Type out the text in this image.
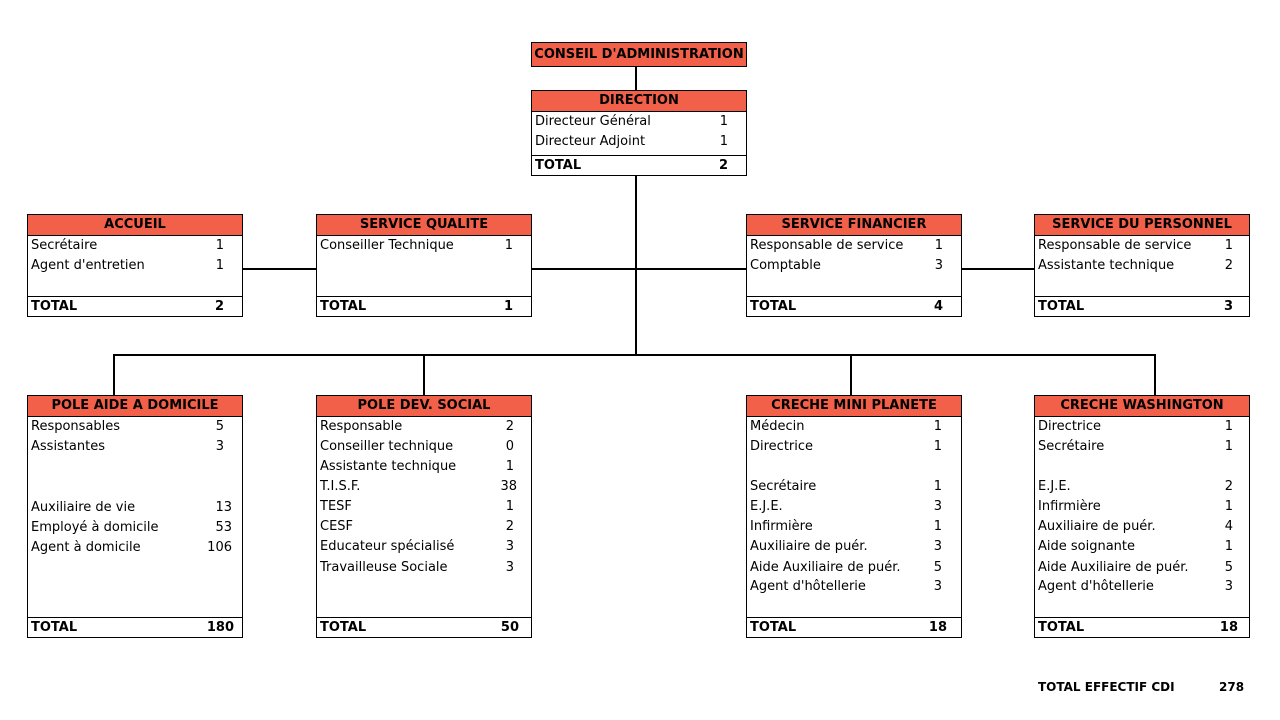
CONSEIL D'ADMINISTRATION
DIRECTION
Directeur Général	1
Directeur Adjoint	1
TOTAL	2
ACCUEIL
Secrétaire	1
Agent d'entretien	1
TOTAL	2
SERVICE QUALITE
Conseiller Technique	1
TOTAL	1
SERVICE FINANCIER
Responsable de service 1
Comptable	3
TOTAL	4
SERVICE DU PERSONNEL
Responsable de service	1
Assistante technique	2
TOTAL	3
POLE AIDE A DOMICILE
Responsables	5
Assistantes	3
Auxiliaire de vie	13
Employé à domicile	53
Agent à domicile	106
TOTAL	180
POLE DEV. SOCIAL
Responsable	2
Conseiller technique	0
Assistante technique	1
T.I.S.F.	38
TESF	1
CESF	2
Educateur spécialisé	3
Travailleuse Sociale	3
TOTAL	50
CRECHE MINI PLANETE
Médecin	1
Directrice	1
Secrétaire	1
E.J.E.	3
Infirmière	1
Auxiliaire de puér.	3
Aide Auxiliaire de puér.	5
Agent d'hôtellerie	3
TOTAL	18
CRECHE WASHINGTON
Directrice	1
Secrétaire	1
E.J.E.	2
Infirmière	1
Auxiliaire de puér.	4
Aide soignante	1
Aide Auxiliaire de puér.	5
Agent d'hôtellerie	3
TOTAL	18
TOTAL EFFECTIF CDI	278
